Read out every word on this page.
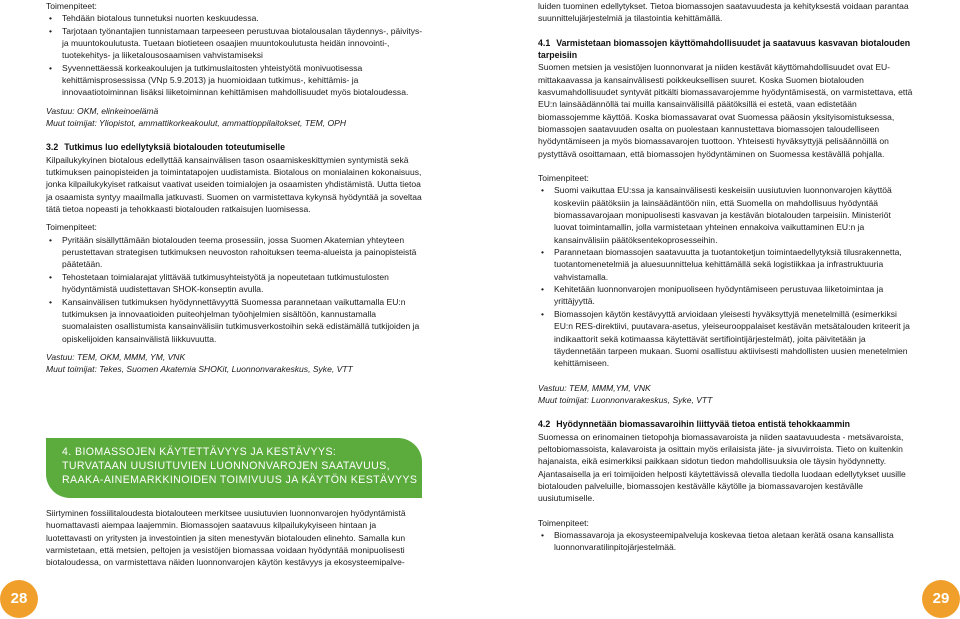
Toimenpiteet:

• Tehdään biotalous tunnetuksi nuorten keskuudessa.
• Tarjotaan työnantajien tunnistamaan tarpeeseen perustuvaa biotalousalan täydennys-, päivitys- ja muuntokoulutusta. Tuetaan biotieteen osaajien muuntokoulutusta heidän innovointi-, tuotekehitys- ja liiketalousosaamisen vahvistamiseksi
• Syvennettäessä korkeakoulujen ja tutkimuslaitosten yhteistyötä monivuotisessa kehittämisprosessissa (VNp 5.9.2013) ja huomioidaan tutkimus-, kehittämis- ja innovaatiotoiminnan lisäksi liiketoiminnan kehittämisen mahdollisuudet myös biotaloudessa.

Vastuu: OKM, elinkeinoelämä

Muut toimijat: Yliopistot, ammattikorkeakoulut, ammattioppilaitokset, TEM, OPH

3.2 Tutkimus luo edellytyksiä biotalouden toteutumiselle

Kilpailukykyinen biotalous edellyttää kansainvälisen tason osaamiskeskittymien syntymistä sekä tutkimuksen painopisteiden ja toimintatapojen uudistamista. Biotalous on monialainen kokonaisuus, jonka kilpailukykyiset ratkaisut vaativat useiden toimialojen ja osaamisten yhdistämistä. Uutta tietoa ja osaamista syntyy maailmalla jatkuvasti. Suomen on varmistettava kykynsä hyödyntää ja soveltaa tätä tietoa nopeasti ja tehokkaasti biotalouden ratkaisujen luomisessa.

Toimenpiteet:

• Pyritään sisällyttämään biotalouden teema prosessiin, jossa Suomen Akatemian yhteyteen perustettavan strategisen tutkimuksen neuvoston rahoituksen teema-alueista ja painopisteistä päätetään.
• Tehostetaan toimialarajat ylittävää tutkimusyhteistyötä ja nopeutetaan tutkimustulosten hyödyntämistä uudistettavan SHOK-konseptin avulla.
• Kansainvälisen tutkimuksen hyödynnettävyyttä Suomessa parannetaan vaikuttamalla EU:n tutkimuksen ja innovaatioiden puiteohjelman työohjelmien sisältöön, kannustamalla suomalaisten osallistumista kansainvälisiin tutkimusverkostoihin sekä edistämällä tutkijoiden ja opiskelijoiden kansainvälistä liikkuvuutta.

Vastuu: TEM, OKM, MMM, YM, VNK

Muut toimijat: Tekes, Suomen Akatemia SHOKit, Luonnonvarakeskus, Syke, VTT

4. BIOMASSOJEN KÄYTETTÄVYYS JA KESTÄVYYS:
TURVATAAN UUSIUTUVIEN LUONNONVAROJEN SAATAVUUS,
RAAKA-AINEMARKKINOIDEN TOIMIVUUS JA KÄYTÖN KESTÄVYYS

Siirtyminen fossiilitaloudesta biotalouteen merkitsee uusiutuvien luonnonvarojen hyödyntämistä huomattavasti aiempaa laajemmin. Biomassojen saatavuus kilpailukykyiseen hintaan ja luotettavasti on yritysten ja investointien ja siten menestyvän biotalouden elinehto. Samalla kun varmistetaan, että metsien, peltojen ja vesistöjen biomassaa voidaan hyödyntää monipuolisesti biotaloudessa, on varmistettava näiden luonnonvarojen käytön kestävyys ja ekosysteemipalve-

luiden tuominen edellytykset. Tietoa biomassojen saatavuudesta ja kehityksestä voidaan parantaa suunnittelujärjestelmiä ja tilastointia kehittämällä.

4.1 Varmistetaan biomassojen käyttömahdollisuudet ja saatavuus kasvavan biotalouden tarpeisiin

Suomen metsien ja vesistöjen luonnonvarat ja niiden kestävät käyttömahdollisuudet ovat EU-mittakaavassa ja kansainvälisesti poikkeuksellisen suuret. Koska Suomen biotalouden kasvumahdollisuudet syntyvät pitkälti biomassavarojemme hyödyntämisestä, on varmistettava, että EU:n lainsäädännöllä tai muilla kansainvälisillä päätöksillä ei estetä, vaan edistetään biomassojemme käyttöä. Koska biomassavarat ovat Suomessa pääosin yksityisomistuksessa, biomassojen saatavuuden osalta on puolestaan kannustettava biomassojen taloudelliseen hyödyntämiseen ja myös biomassavarojen tuottoon. Yhteisesti hyväksyttyjä pelisäännöillä on pystyttävä osoittamaan, että biomassojen hyödyntäminen on Suomessa kestävällä pohjalla.

Toimenpiteet:

• Suomi vaikuttaa EU:ssa ja kansainvälisesti keskeisiin uusiutuvien luonnonvarojen käyttöä koskeviin päätöksiin ja lainsäädäntöön niin, että Suomella on mahdollisuus hyödyntää biomassavarojaan monipuolisesti kasvavan ja kestävän biotalouden tarpeisiin. Ministeriöt luovat toimintamallin, jolla varmistetaan yhteinen ennakoiva vaikuttaminen EU:n ja kansainvälisiin päätöksentekoprosesseihin.
• Parannetaan biomassojen saatavuutta ja tuotantoketjun toimintaedellytyksiä tilusrakennetta, tuotantomenetelmiä ja aluesuunnittelua kehittämällä sekä logistiikkaa ja infrastruktuuria vahvistamalla.
• Kehitetään luonnonvarojen monipuoliseen hyödyntämiseen perustuvaa liiketoimintaa ja yrittäjyyttä.
• Biomassojen käytön kestävyyttä arvioidaan yleisesti hyväksyttyjä menetelmillä (esimerkiksi EU:n RES-direktiivi, puutavara-asetus, yleiseurooppalaiset kestävän metsätalouden kriteerit ja indikaattorit sekä kotimaassa käytettävät sertifiointijärjestelmät), joita päivitetään ja täydennetään tarpeen mukaan. Suomi osallistuu aktiivisesti mahdollisten uusien menetelmien kehittämiseen.

Vastuu: TEM, MMM,YM, VNK

Muut toimijat: Luonnonvarakeskus, Syke, VTT

4.2 Hyödynnetään biomassavaroihin liittyvää tietoa entistä tehokkaammin

Suomessa on erinomainen tietopohja biomassavaroista ja niiden saatavuudesta - metsävaroista, peltobiomassoista, kalavaroista ja osittain myös erilaisista jäte- ja sivuvirroista. Tieto on kuitenkin hajanaista, eikä esimerkiksi paikkaan sidotun tiedon mahdollisuuksia ole täysin hyödynnetty. Ajantasaisella ja eri toimijoiden helposti käytettävissä olevalla tiedolla luodaan edellytykset uusille biotalouden palveluille, biomassojen kestävälle käytölle ja biomassavarojen kestävälle uusiutumiselle.

Toimenpiteet:

• Biomassavaroja ja ekosysteemipalveluja koskevaa tietoa aletaan kerätä osana kansallista luonnonvaratilinpitojärjestelmää.
28	29
